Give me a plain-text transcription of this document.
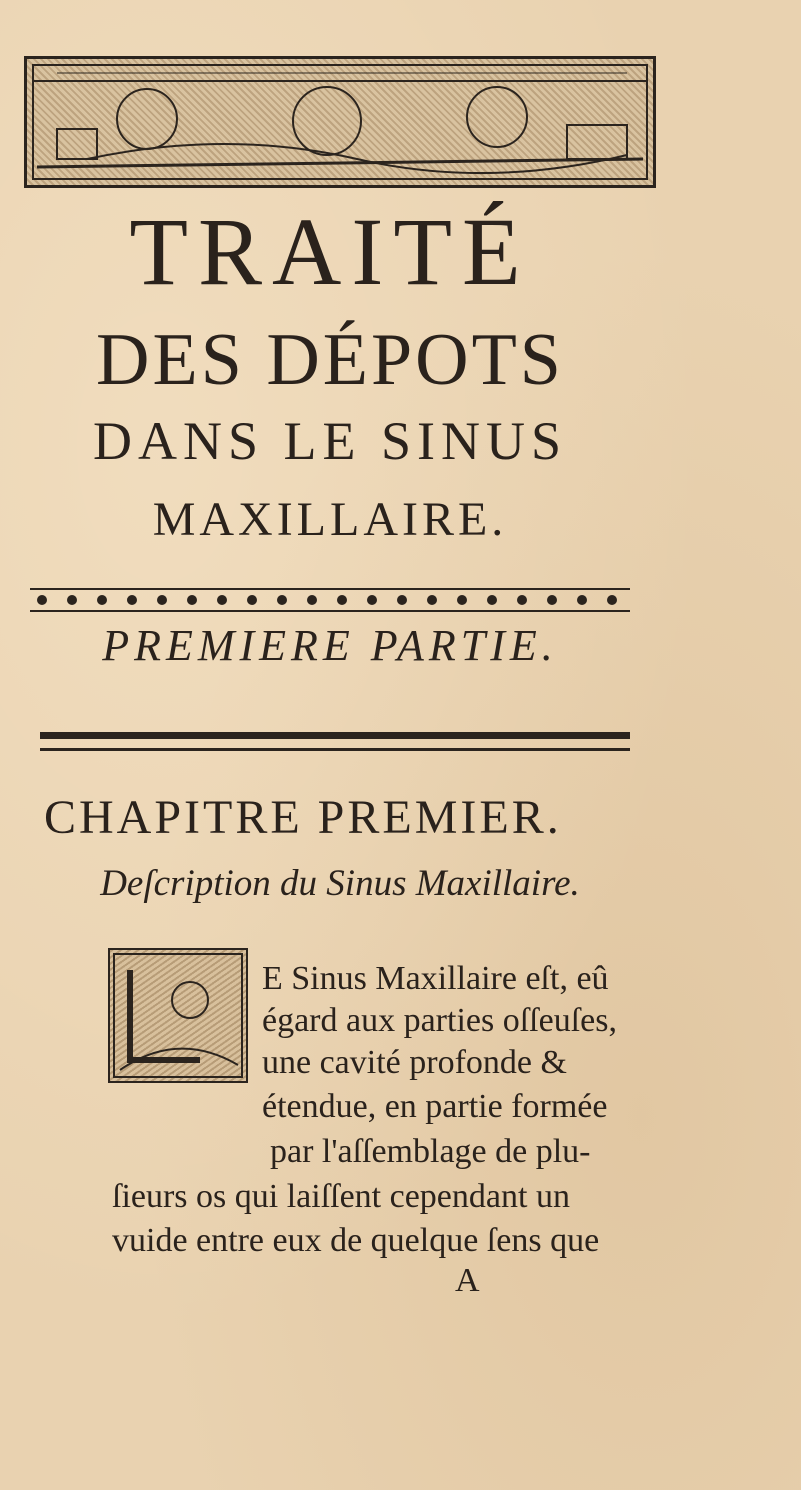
TRAITÉ
DES DÉPOTS
DANS LE SINUS
MAXILLAIRE.
PREMIERE PARTIE.
CHAPITRE PREMIER.
Deſcription du Sinus Maxillaire.
E Sinus Maxillaire eſt, eû
égard aux parties oſſeuſes,
une cavité profonde &
étendue, en partie formée
par l'aſſemblage de plu-
ſieurs os qui laiſſent cependant un
vuide entre eux de quelque ſens que
A
